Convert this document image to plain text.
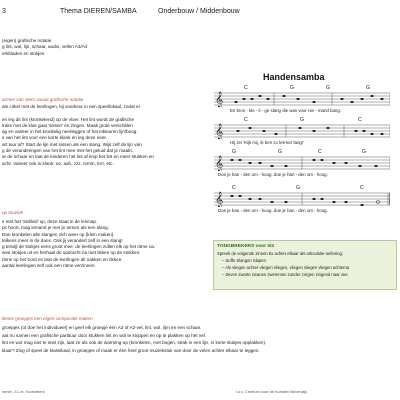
3	Thema DIEREN/SAMBA	Onderbouw / Middenbouw
(eigen) grafische notatie
g lint, wol, lijn, schaar, audio, vellen A3/A4
erkbladen en stokjes
armen van stem vanuit grafische notatie
ale cirkel met de leerlingen, bij voorkeur in een speellokaal, zodat er
en leg dit lint (kronkelend) op de vloer. Het lint wordt de grafische
traks met de klas gaat 'sissen' en zingen. Maak grote verschillen
ag en variëer in het kronkelig neerleggen of het inkleuren lijn/boog.
s van het lint voor een korte klank en leg deze neer.
art tuur af? Start de lijn met sissen als een slang. Wijs zelf de lijn van
g de veranderingen van het lint mee met het geluid dat je maakt.
ar de schaar en laat de kinderen het lint af knip het lint en meer stukken en
acht. Varieer ook in klank: oe, aah, zzz, mmm, krrr, etc.
op muziek
s met het 'Sisllied' op, deze staat in de lesmap.
ps hoort, mag iemand je met je armen als een slang.
Dan kronkelen alle slangen zich weer op (klein maken).
telkens meer in de dans. Ook jij verandert zelf in een slang!
g terwijl de stokjes eens groot mee, de leerlingen zullen elk op het ritme na.
wee stokjes uit en herhaal de opdracht na met tikken op de stokken.
ritme op het bord en laat de leerlingen dit nakken en tikken.
aantal leerlingen zelf ook een ritme verzinnen.
kleine groepjes een eigen compositie maken
groepjes (of doe het individueel) en geef elk groepje één A3 of A2-vel, lint, wol, lijm en een schaar.
aat nu samen een grafische partituur door stukken lint en wol te knippen en op te plakken op het vel.
lint en wol mag niet te snel zijn, laat ze als ook de warming-up (kronkelen, met bogen, strak in een lijn, in korte stukjes opplakken).
klaar? Zing of speel de klassikaal, in groepjes of maak er één heel groot muziekstuk van door de velen achter elkaar te leggen.
Handensamba
C	G	G	G
𝄞
En kron - kle - li - ge slang die was voor nie - mand bang.
C	G	C
𝄞
Hij zei 'Kijk mij, ik ben zo lek-ker lang!'
G	G	C	G
𝄞
Doe je han - den om - hoog. doe je han - den om - hoog.
C	G	C
𝄞
Doe je han - den om - hoog. doe je han - den om - hoog.
TONGBREKERS voor 3/4
Spreek de volgende zinnen 5x achter elkaar als articulatie-oefening:
– Suffe Slangen Slapen
– Als vliegen achter vliegen vliegen, vliegen vliegen vliegen achterna
– Zeven zwarte zwanen zwemmen zonder zorgen zingend naar zee
mmer, J.L.m. Toorsetters	l.o.v. Centrum voor de Kunsten Beverwijk
